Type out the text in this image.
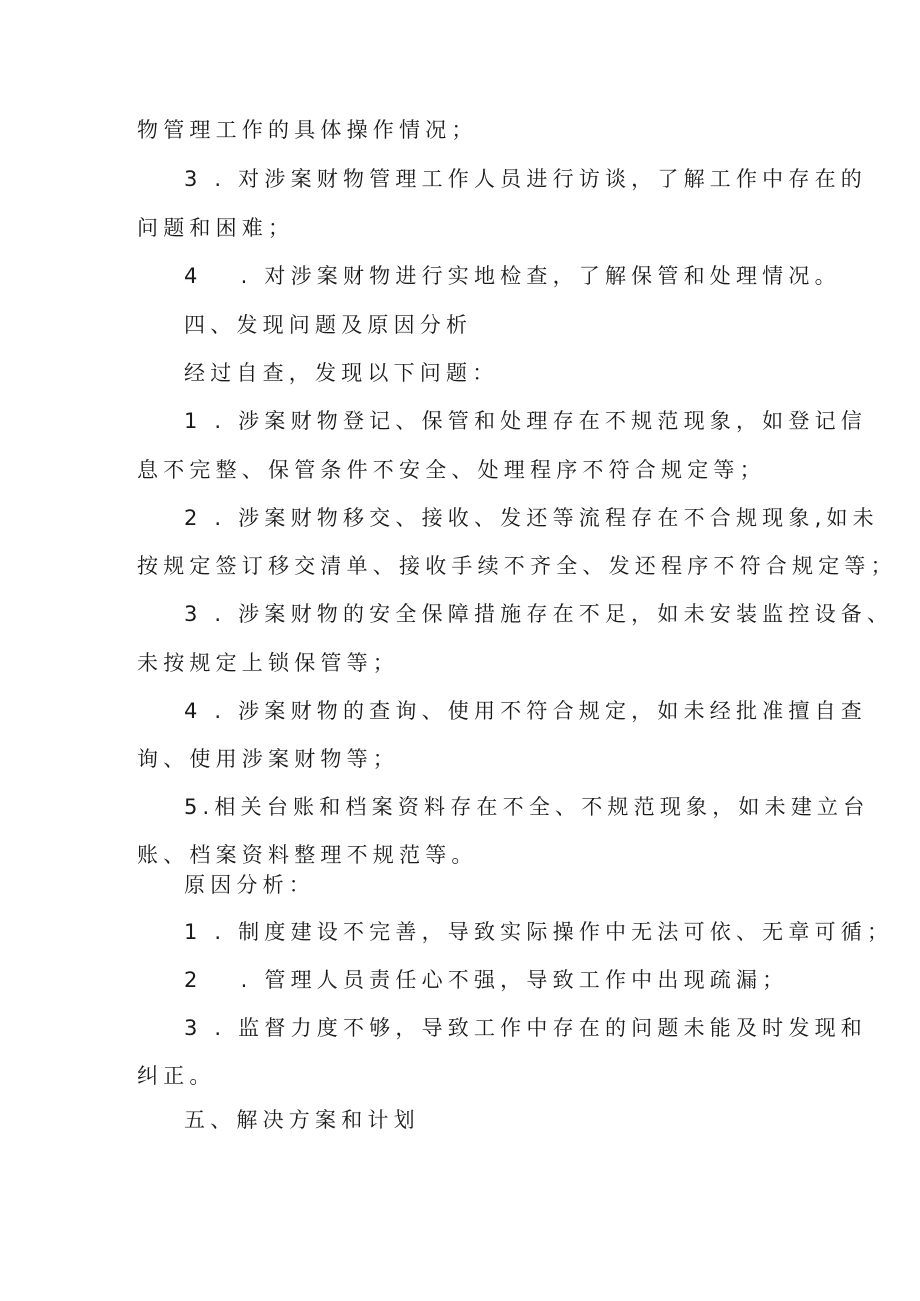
物管理工作的具体操作情况；
3 . 对涉案财物管理工作人员进行访谈，了解工作中存在的
问题和困难；
4　 . 对涉案财物进行实地检查，了解保管和处理情况。
四、发现问题及原因分析
经过自查，发现以下问题：
1 . 涉案财物登记、保管和处理存在不规范现象，如登记信
息不完整、保管条件不安全、处理程序不符合规定等；
2 . 涉案财物移交、接收、发还等流程存在不合规现象,如未
按规定签订移交清单、接收手续不齐全、发还程序不符合规定等；
3 . 涉案财物的安全保障措施存在不足，如未安装监控设备、
未按规定上锁保管等；
4 . 涉案财物的查询、使用不符合规定，如未经批准擅自查
询、使用涉案财物等；
5.相关台账和档案资料存在不全、不规范现象，如未建立台
账、档案资料整理不规范等。
原因分析：
1 . 制度建设不完善，导致实际操作中无法可依、无章可循；
2　 . 管理人员责任心不强，导致工作中出现疏漏；
3 . 监督力度不够，导致工作中存在的问题未能及时发现和
纠正。
五、解决方案和计划
